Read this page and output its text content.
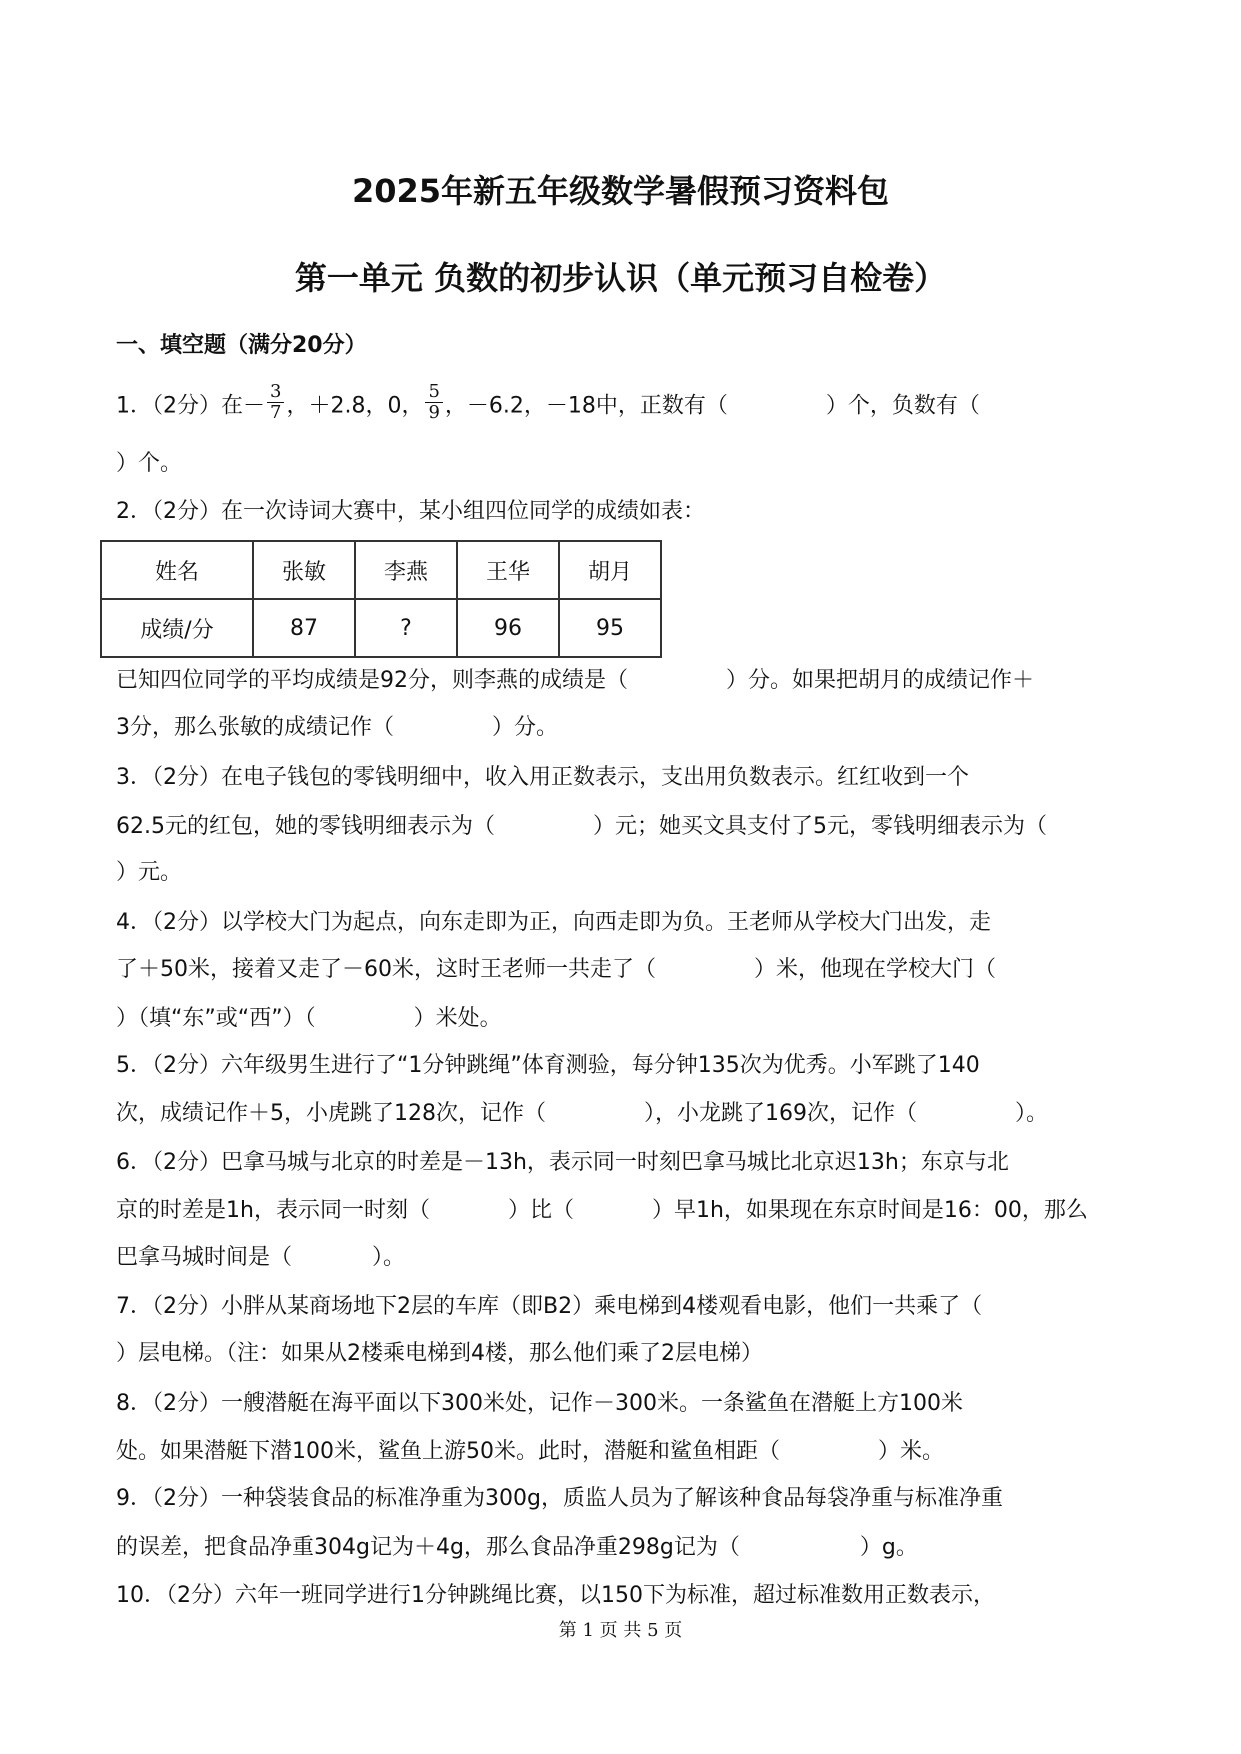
2025年新五年级数学暑假预习资料包
第一单元 负数的初步认识（单元预习自检卷）
一、填空题（满分20分）
1．（2分）在－ $\frac{3}{7}$ ，＋2.8，0， $\frac{5}{9}$ ，－6.2，－18中，正数有（	）个，负数有（
）个。
2．（2分）在一次诗词大赛中，某小组四位同学的成绩如表：
姓名	张敏	李燕	王华	胡月
成绩/分	87	?	96	95
已知四位同学的平均成绩是92分，则李燕的成绩是（	）分。如果把胡月的成绩记作＋
3分，那么张敏的成绩记作（	）分。
3．（2分）在电子钱包的零钱明细中，收入用正数表示，支出用负数表示。红红收到一个
62.5元的红包，她的零钱明细表示为（	）元；她买文具支付了5元，零钱明细表示为（
）元。
4．（2分）以学校大门为起点，向东走即为正，向西走即为负。王老师从学校大门出发，走
了＋50米，接着又走了－60米，这时王老师一共走了（	）米，他现在学校大门（
）（填“东”或“西”）（	）米处。
5．（2分）六年级男生进行了“1分钟跳绳”体育测验，每分钟135次为优秀。小军跳了140
次，成绩记作＋5，小虎跳了128次，记作（	），小龙跳了169次，记作（	）。
6．（2分）巴拿马城与北京的时差是－13h，表示同一时刻巴拿马城比北京迟13h；东京与北
京的时差是1h，表示同一时刻（	）比（	）早1h，如果现在东京时间是16：00，那么
巴拿马城时间是（	）。
7．（2分）小胖从某商场地下2层的车库（即B2）乘电梯到4楼观看电影，他们一共乘了（
）层电梯。（注：如果从2楼乘电梯到4楼，那么他们乘了2层电梯）
8．（2分）一艘潜艇在海平面以下300米处，记作－300米。一条鲨鱼在潜艇上方100米
处。如果潜艇下潜100米，鲨鱼上游50米。此时，潜艇和鲨鱼相距（	）米。
9．（2分）一种袋装食品的标准净重为300g，质监人员为了解该种食品每袋净重与标准净重
的误差，把食品净重304g记为＋4g，那么食品净重298g记为（	）g。
10．（2分）六年一班同学进行1分钟跳绳比赛，以150下为标准，超过标准数用正数表示，
第 1 页 共 5 页
